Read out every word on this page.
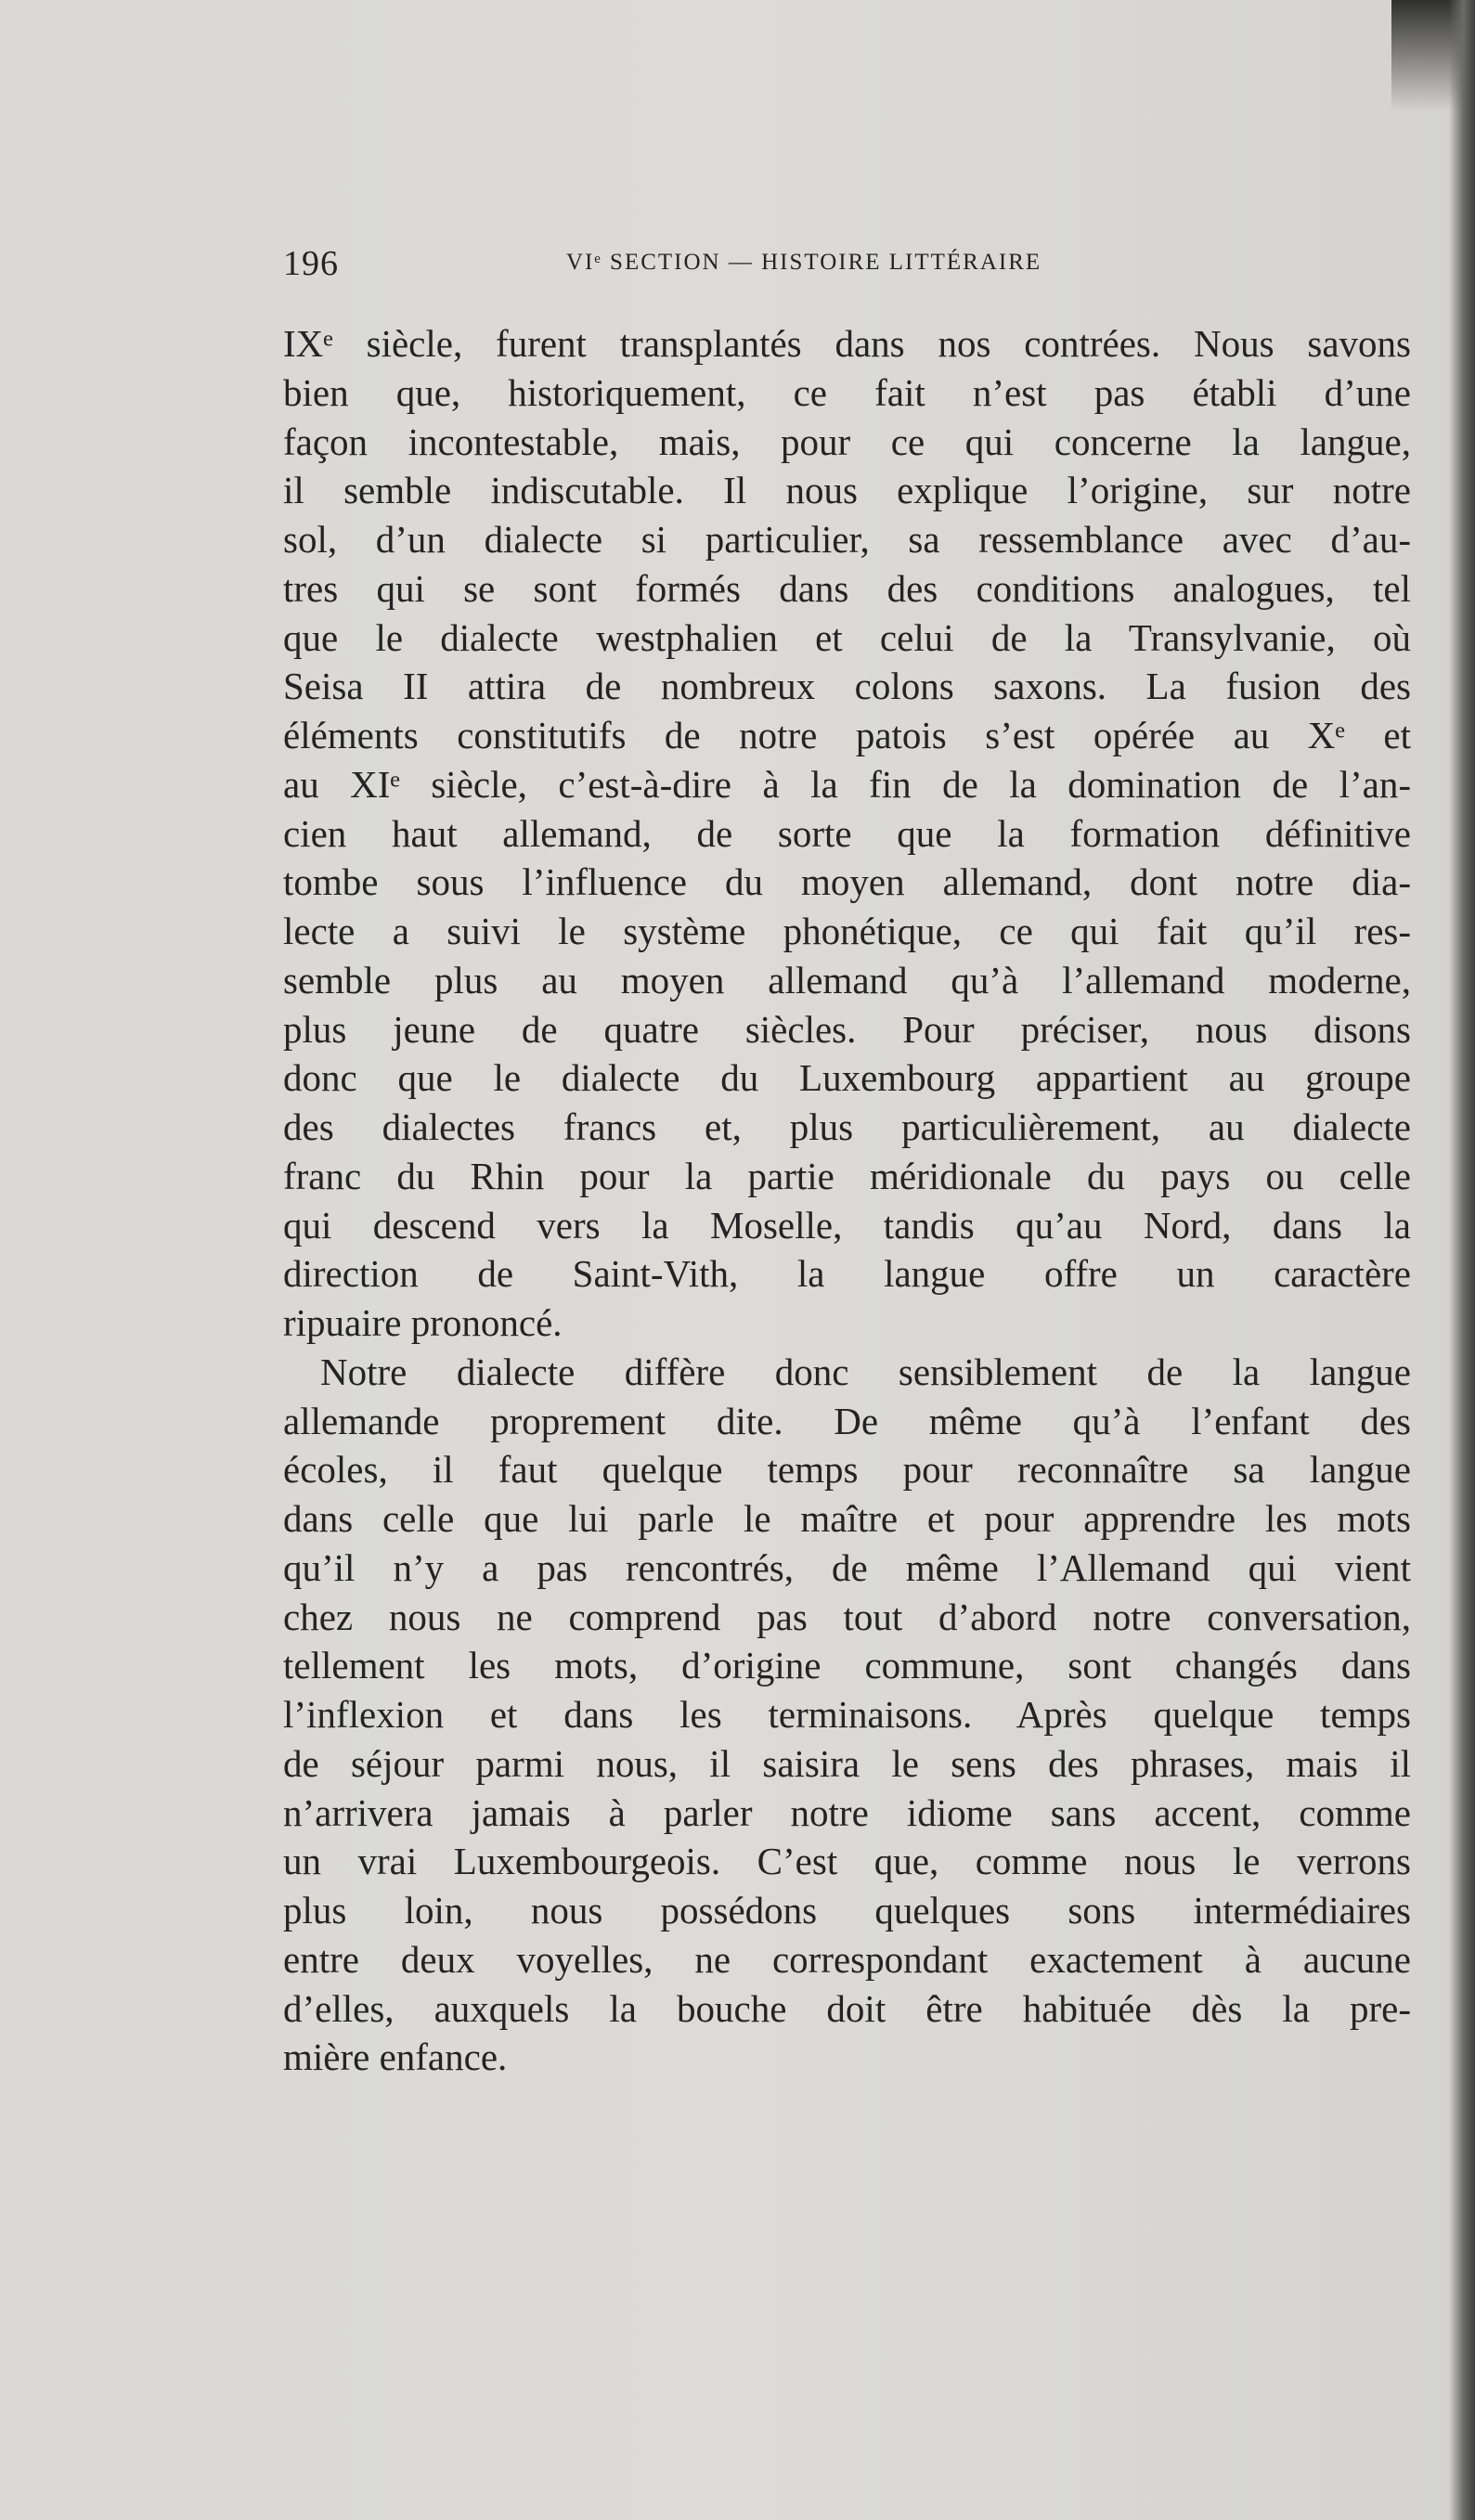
196	VIᵉ SECTION — HISTOIRE LITTÉRAIRE
IXᵉ siècle, furent transplantés dans nos contrées. Nous savons
bien que, historiquement, ce fait n’est pas établi d’une
façon incontestable, mais, pour ce qui concerne la langue,
il semble indiscutable. Il nous explique l’origine, sur notre
sol, d’un dialecte si particulier, sa ressemblance avec d’au-
tres qui se sont formés dans des conditions analogues, tel
que le dialecte westphalien et celui de la Transylvanie, où
Seisa II attira de nombreux colons saxons. La fusion des
éléments constitutifs de notre patois s’est opérée au Xᵉ et
au XIᵉ siècle, c’est-à-dire à la fin de la domination de l’an-
cien haut allemand, de sorte que la formation définitive
tombe sous l’influence du moyen allemand, dont notre dia-
lecte a suivi le système phonétique, ce qui fait qu’il res-
semble plus au moyen allemand qu’à l’allemand moderne,
plus jeune de quatre siècles. Pour préciser, nous disons
donc que le dialecte du Luxembourg appartient au groupe
des dialectes francs et, plus particulièrement, au dialecte
franc du Rhin pour la partie méridionale du pays ou celle
qui descend vers la Moselle, tandis qu’au Nord, dans la
direction de Saint-Vith, la langue offre un caractère
ripuaire prononcé.
Notre dialecte diffère donc sensiblement de la langue
allemande proprement dite. De même qu’à l’enfant des
écoles, il faut quelque temps pour reconnaître sa langue
dans celle que lui parle le maître et pour apprendre les mots
qu’il n’y a pas rencontrés, de même l’Allemand qui vient
chez nous ne comprend pas tout d’abord notre conversation,
tellement les mots, d’origine commune, sont changés dans
l’inflexion et dans les terminaisons. Après quelque temps
de séjour parmi nous, il saisira le sens des phrases, mais il
n’arrivera jamais à parler notre idiome sans accent, comme
un vrai Luxembourgeois. C’est que, comme nous le verrons
plus loin, nous possédons quelques sons intermédiaires
entre deux voyelles, ne correspondant exactement à aucune
d’elles, auxquels la bouche doit être habituée dès la pre-
mière enfance.
